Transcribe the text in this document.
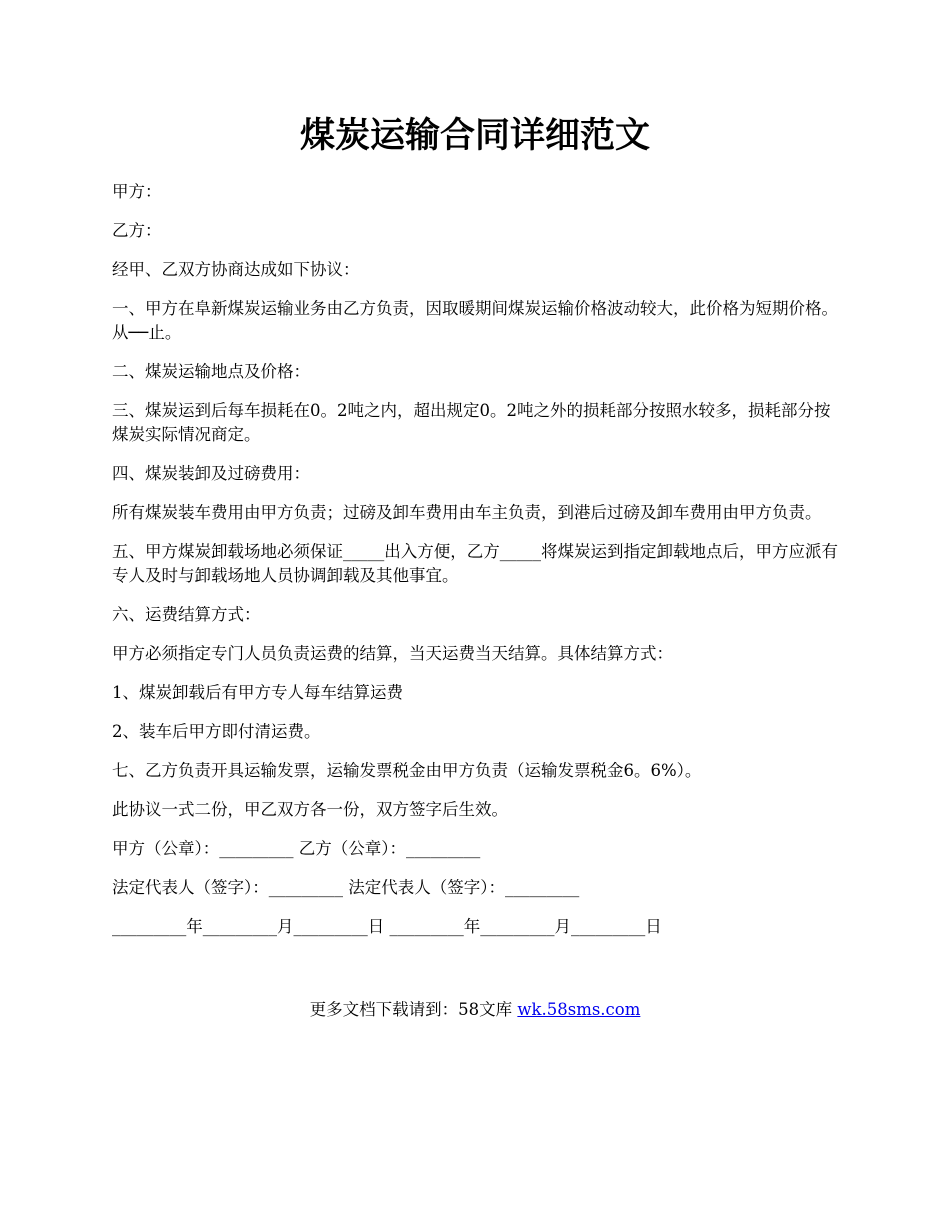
煤炭运输合同详细范文

甲方：

乙方：

经甲、乙双方协商达成如下协议：

一、甲方在阜新煤炭运输业务由乙方负责，因取暖期间煤炭运输价格波动较大，此价格为短期价格。从──止。

二、煤炭运输地点及价格：

三、煤炭运到后每车损耗在0。2吨之内，超出规定0。2吨之外的损耗部分按照水较多，损耗部分按煤炭实际情况商定。

四、煤炭装卸及过磅费用：

所有煤炭装车费用由甲方负责；过磅及卸车费用由车主负责，到港后过磅及卸车费用由甲方负责。

五、甲方煤炭卸载场地必须保证_____出入方便，乙方_____将煤炭运到指定卸载地点后，甲方应派有专人及时与卸载场地人员协调卸载及其他事宜。

六、运费结算方式：

甲方必须指定专门人员负责运费的结算，当天运费当天结算。具体结算方式：

1、煤炭卸载后有甲方专人每车结算运费

2、装车后甲方即付清运费。

七、乙方负责开具运输发票，运输发票税金由甲方负责（运输发票税金6。6%）。

此协议一式二份，甲乙双方各一份，双方签字后生效。

甲方（公章）：_________ 乙方（公章）：_________

法定代表人（签字）：_________ 法定代表人（签字）：_________

_________年_________月_________日 _________年_________月_________日

更多文档下载请到：58文库 wk.58sms.com
